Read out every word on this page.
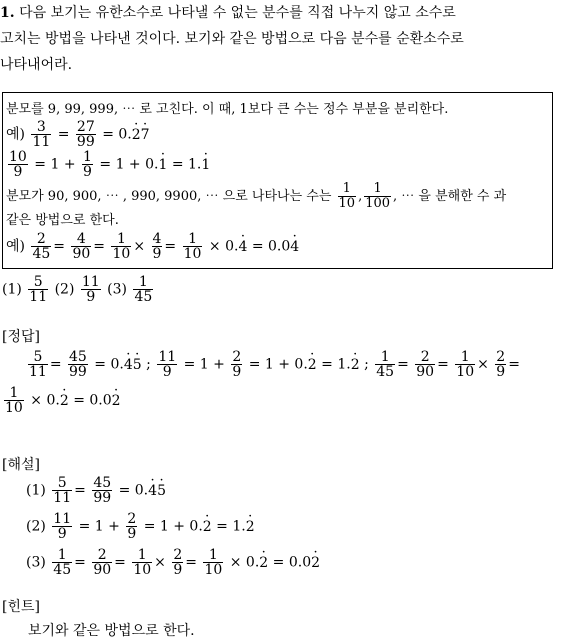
1. 다음 보기는 유한소수로 나타낼 수 없는 분수를 직접 나누지 않고 소수로
고치는 방법을 나타낸 것이다. 보기와 같은 방법으로 다음 분수를 순환소수로
나타내어라.
분모를 9, 99, 999, ⋯ 로 고친다. 이 때, 1보다 큰 수는 정수 부분을 분리한다.
예) $\frac{3}{11} = \frac{27}{99} = 0.2 \cdot 7$ ·
$\frac{10}{9} = 1 + \frac{1}{9} = 1 + 0.1$ · = 1.1 ·
분모가 90, 900, ⋯ , 990, 9900, ⋯ 으로 나타나는 수는 $\frac{1}{10}$ , $\frac{1}{100}$ , ⋯ 을 분해한 수 과
같은 방법으로 한다.
예) $\frac{2}{45} = \frac{4}{90} = \frac{1}{10} \times \frac{4}{9} = \frac{1}{10} \times 0.4$ · = 0.04 ·
$(1) \frac{5}{11} (2) \frac{11}{9} (3) \frac{1}{45}$
[정답]
$\frac{5}{11} = \frac{45}{99} = 0.4 \cdot 5$ · ; $\frac{11}{9} = 1 + \frac{2}{9} = 1 + 0.2$ · = 1.2 · ; $\frac{1}{45} = \frac{2}{90} = \frac{1}{10} \times \frac{2}{9}$ =
$\frac{1}{10} \times 0.2$ · = 0.02 ·
[해설]
$(1) \frac{5}{11} = \frac{45}{99} = 0.4 \cdot 5$ ·
$(2) \frac{11}{9} = 1 + \frac{2}{9} = 1 + 0.2$ · = 1.2 ·
$(3) \frac{1}{45} = \frac{2}{90} = \frac{1}{10} \times \frac{2}{9} = \frac{1}{10} \times 0.2$ · = 0.02 ·
[힌트]
보기와 같은 방법으로 한다.
